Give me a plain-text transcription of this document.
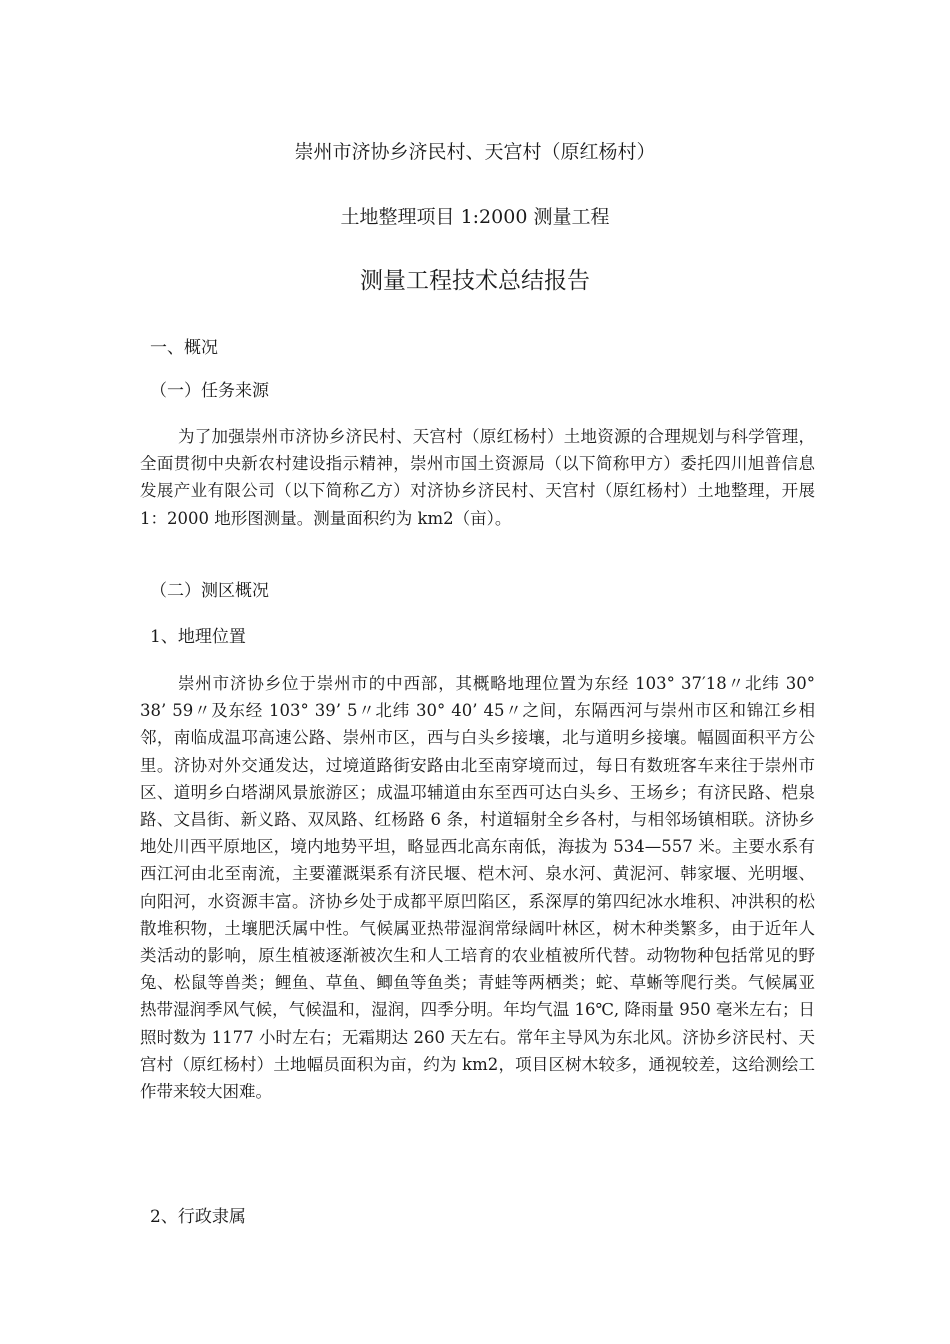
崇州市济协乡济民村、天宫村（原红杨村）
土地整理项目 1:2000 测量工程
测量工程技术总结报告
一、概况
（一）任务来源
为了加强崇州市济协乡济民村、天宫村（原红杨村）土地资源的合理规划与科学管理，全面贯彻中央新农村建设指示精神，崇州市国土资源局（以下简称甲方）委托四川旭普信息发展产业有限公司（以下简称乙方）对济协乡济民村、天宫村（原红杨村）土地整理，开展 1：2000 地形图测量。测量面积约为 km2（亩）。
（二）测区概况
1、地理位置
崇州市济协乡位于崇州市的中西部，其概略地理位置为东经 103° 37′18〃北纬 30° 38’ 59〃及东经 103° 39’ 5〃北纬 30° 40’ 45〃之间，东隔西河与崇州市区和锦江乡相邻，南临成温邛高速公路、崇州市区，西与白头乡接壤，北与道明乡接壤。幅圆面积平方公里。济协对外交通发达，过境道路街安路由北至南穿境而过，每日有数班客车来往于崇州市区、道明乡白塔湖风景旅游区；成温邛辅道由东至西可达白头乡、王场乡；有济民路、桤泉路、文昌街、新义路、双凤路、红杨路 6 条，村道辐射全乡各村，与相邻场镇相联。济协乡地处川西平原地区，境内地势平坦，略显西北高东南低，海拔为 534—557 米。主要水系有西江河由北至南流，主要灌溉渠系有济民堰、桤木河、泉水河、黄泥河、韩家堰、光明堰、向阳河，水资源丰富。济协乡处于成都平原凹陷区，系深厚的第四纪冰水堆积、冲洪积的松散堆积物，土壤肥沃属中性。气候属亚热带湿润常绿阔叶林区，树木种类繁多，由于近年人类活动的影响，原生植被逐渐被次生和人工培育的农业植被所代替。动物物种包括常见的野兔、松鼠等兽类；鲤鱼、草鱼、鲫鱼等鱼类；青蛙等两栖类；蛇、草蜥等爬行类。气候属亚热带湿润季风气候，气候温和，湿润，四季分明。年均气温 16℃, 降雨量 950 毫米左右；日照时数为 1177 小时左右；无霜期达 260 天左右。常年主导风为东北风。济协乡济民村、天宫村（原红杨村）土地幅员面积为亩，约为 km2，项目区树木较多，通视较差，这给测绘工作带来较大困难。
2、行政隶属
